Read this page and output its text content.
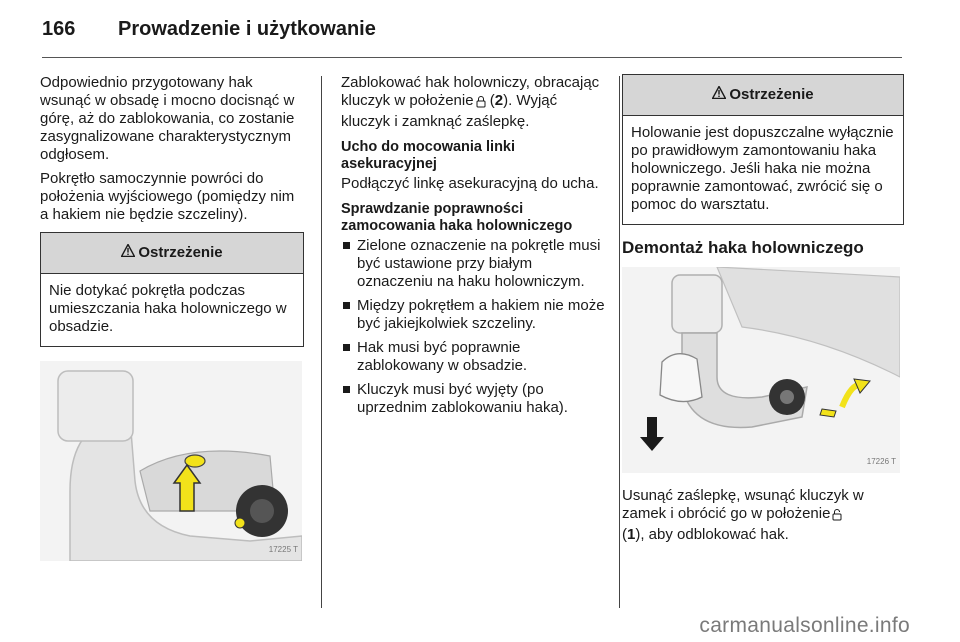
166 Prowadzenie i użytkowanie

Odpowiednio przygotowany hak wsunąć w obsadę i mocno docisnąć w górę, aż do zablokowania, co zostanie zasygnalizowane charakterystycznym odgłosem.

Pokrętło samoczynnie powróci do położenia wyjściowego (pomiędzy nim a hakiem nie będzie szczeliny).

Ostrzeżenie
Nie dotykać pokrętła podczas umieszczania haka holowniczego w obsadzie.
17225 T

Zablokować hak holowniczy, obracając kluczyk w położenie (2). Wyjąć kluczyk i zamknąć zaślepkę.

Ucho do mocowania linki asekuracyjnej

Podłączyć linkę asekuracyjną do ucha.

Sprawdzanie poprawności zamocowania haka holowniczego
Zielone oznaczenie na pokrętle musi być ustawione przy białym oznaczeniu na haku holowniczym.
Między pokrętłem a hakiem nie może być jakiejkolwiek szczeliny.
Hak musi być poprawnie zablokowany w obsadzie.
Kluczyk musi być wyjęty (po uprzednim zablokowaniu haka).
Ostrzeżenie
Holowanie jest dopuszczalne wyłącznie po prawidłowym zamontowaniu haka holowniczego. Jeśli haka nie można poprawnie zamontować, zwrócić się o pomoc do warsztatu.
Demontaż haka holowniczego
17226 T

Usunąć zaślepkę, wsunąć kluczyk w zamek i obrócić go w położenie
(1), aby odblokować hak.

carmanualsonline.info
